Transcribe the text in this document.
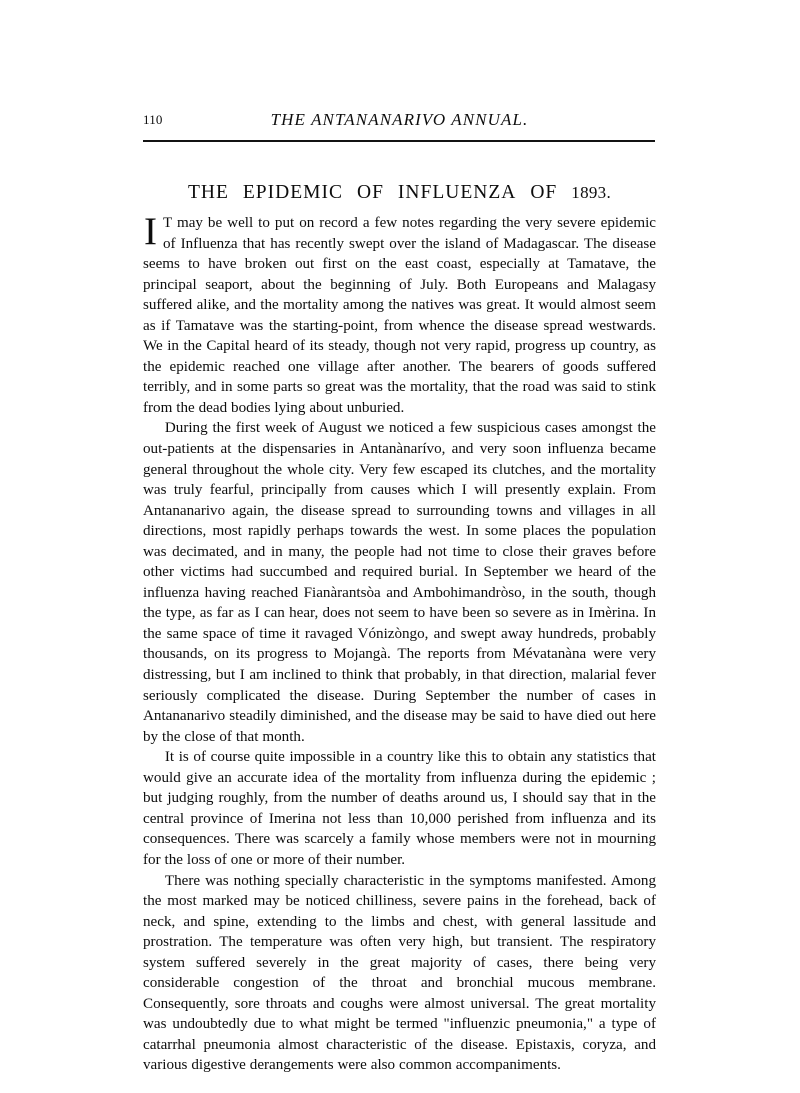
110	THE ANTANANARIVO ANNUAL.
THE EPIDEMIC OF INFLUENZA OF 1893.

I T may be well to put on record a few notes regarding the very severe epidemic of Influenza that has recently swept over the island of Madagascar. The disease seems to have broken out first on the east coast, especially at Tamatave, the principal seaport, about the beginning of July. Both Europeans and Malagasy suffered alike, and the mortality among the natives was great. It would almost seem as if Tamatave was the starting-point, from whence the disease spread westwards. We in the Capital heard of its steady, though not very rapid, progress up country, as the epidemic reached one village after another. The bearers of goods suffered terribly, and in some parts so great was the mortality, that the road was said to stink from the dead bodies lying about unburied.

During the first week of August we noticed a few suspicious cases amongst the out-patients at the dispensaries in Antanànarívo, and very soon influenza became general throughout the whole city. Very few escaped its clutches, and the mortality was truly fearful, principally from causes which I will presently explain. From Antananarivo again, the disease spread to surrounding towns and villages in all directions, most rapidly perhaps towards the west. In some places the population was decimated, and in many, the people had not time to close their graves before other victims had succumbed and required burial. In September we heard of the influenza having reached Fianàrantsòa and Ambohimandròso, in the south, though the type, as far as I can hear, does not seem to have been so severe as in Imèrina. In the same space of time it ravaged Vónizòngo, and swept away hundreds, probably thousands, on its progress to Mojangà. The reports from Mévatanàna were very distressing, but I am inclined to think that probably, in that direction, malarial fever seriously complicated the disease. During September the number of cases in Antananarivo steadily diminished, and the disease may be said to have died out here by the close of that month.

It is of course quite impossible in a country like this to obtain any statistics that would give an accurate idea of the mortality from influenza during the epidemic ; but judging roughly, from the number of deaths around us, I should say that in the central province of Imerina not less than 10,000 perished from influenza and its consequences. There was scarcely a family whose members were not in mourning for the loss of one or more of their number.

There was nothing specially characteristic in the symptoms manifested. Among the most marked may be noticed chilliness, severe pains in the forehead, back of neck, and spine, extending to the limbs and chest, with general lassitude and prostration. The temperature was often very high, but transient. The respiratory system suffered severely in the great majority of cases, there being very considerable congestion of the throat and bronchial mucous membrane. Consequently, sore throats and coughs were almost universal. The great mortality was undoubtedly due to what might be termed "influenzic pneumonia," a type of catarrhal pneumonia almost characteristic of the disease. Epistaxis, coryza, and various digestive derangements were also common accompaniments.
